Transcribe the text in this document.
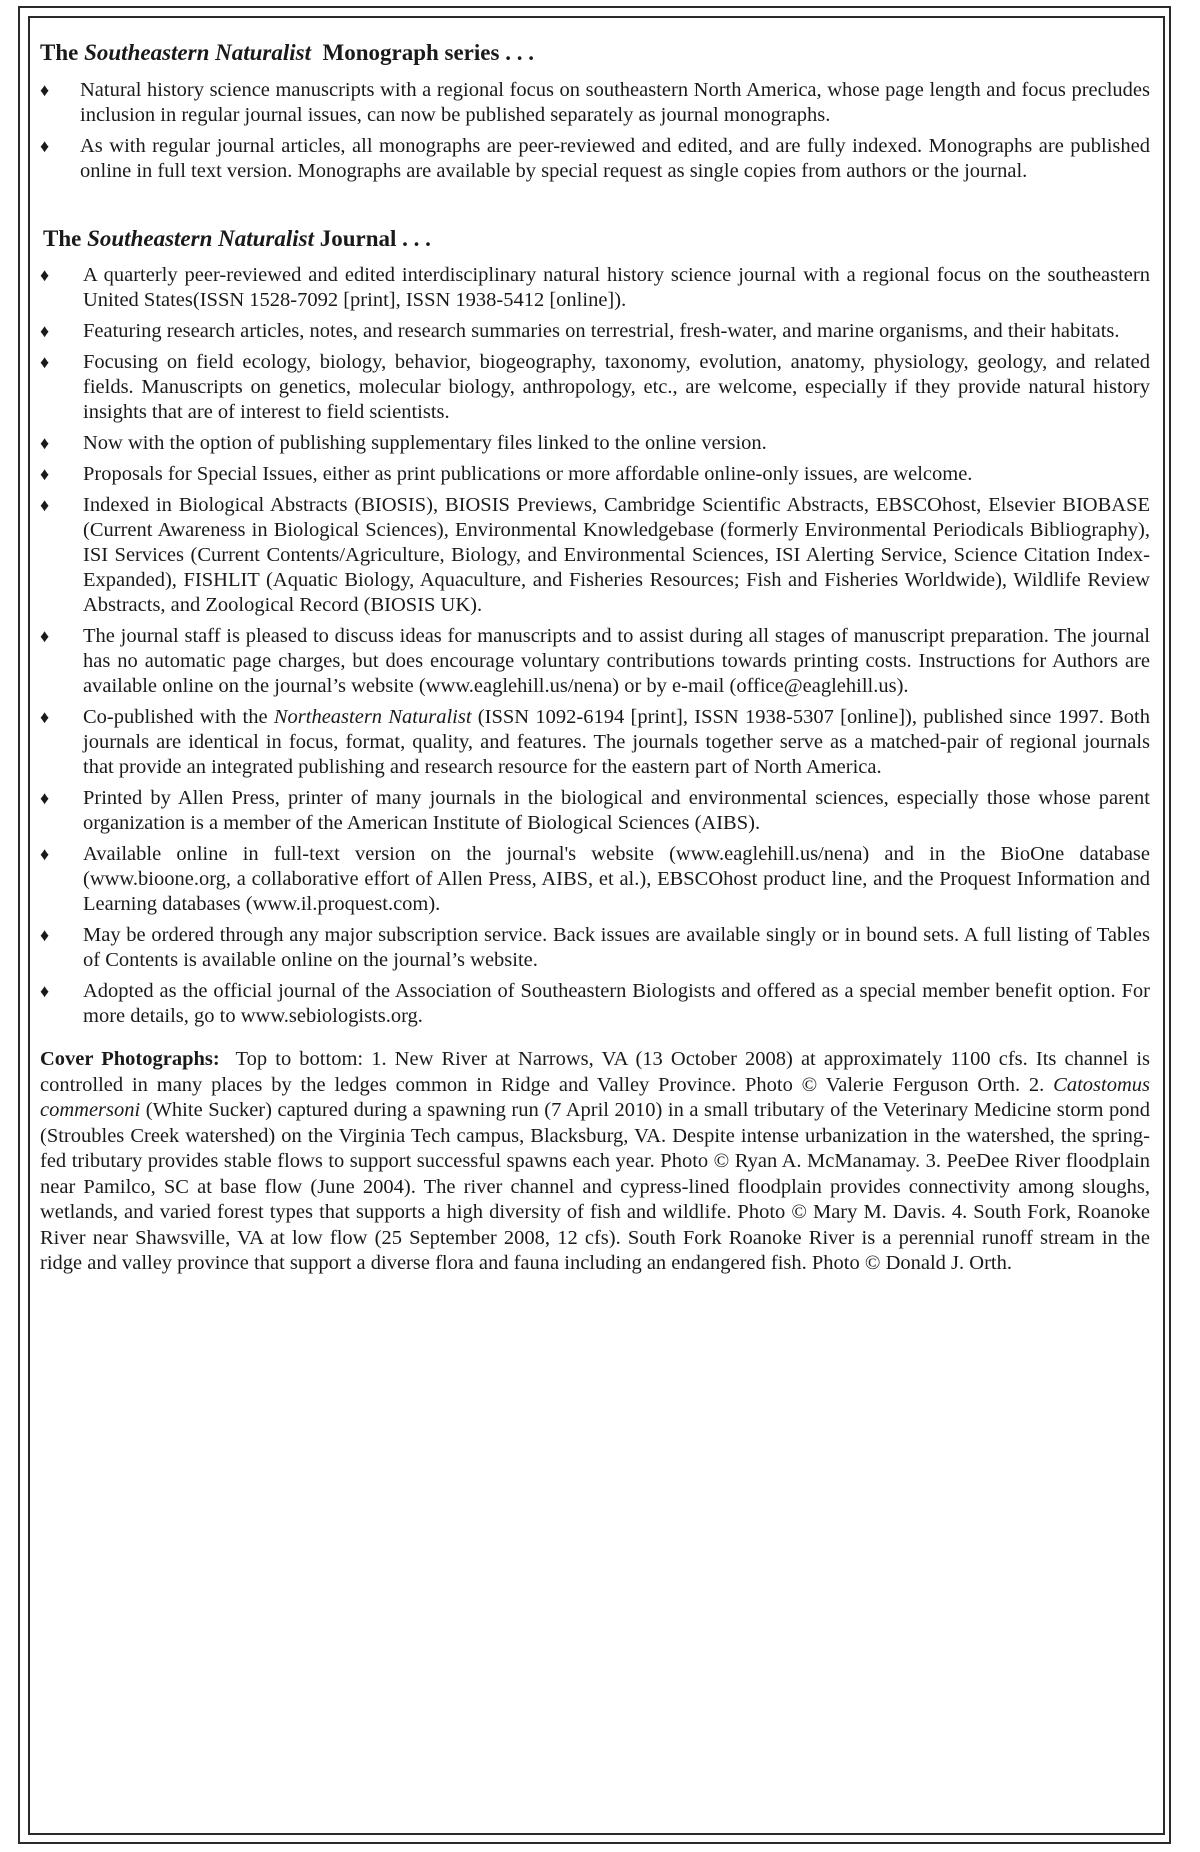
The Southeastern Naturalist  Monograph series . . .
♦ Natural history science manuscripts with a regional focus on southeastern North America, whose page length and focus precludes inclusion in regular journal issues, can now be published separately as journal monographs.
♦ As with regular journal articles, all monographs are peer-reviewed and edited, and are fully indexed. Monographs are published online in full text version. Monographs are available by special request as single copies from authors or the journal.
The Southeastern Naturalist Journal . . .
♦ A quarterly peer-reviewed and edited interdisciplinary natural history science journal with a regional focus on the southeastern United States(ISSN 1528-7092 [print], ISSN 1938-5412 [online]).
♦ Featuring research articles, notes, and research summaries on terrestrial, fresh-water, and marine organisms, and their habitats.
♦ Focusing on field ecology, biology, behavior, biogeography, taxonomy, evolution, anatomy, physiology, geology, and related fields. Manuscripts on genetics, molecular biology, anthropology, etc., are welcome, especially if they provide natural history insights that are of interest to field scientists.
♦ Now with the option of publishing supplementary files linked to the online version.
♦ Proposals for Special Issues, either as print publications or more affordable online-only issues, are welcome.
♦ Indexed in Biological Abstracts (BIOSIS), BIOSIS Previews, Cambridge Scientific Abstracts, EBSCOhost, Elsevier BIOBASE (Current Awareness in Biological Sciences), Environmental Knowledgebase (formerly Environmental Periodicals Bibliography), ISI Services (Current Contents/Agriculture, Biology, and Environmental Sciences, ISI Alerting Service, Science Citation Index-Expanded), FISHLIT (Aquatic Biology, Aquaculture, and Fisheries Resources; Fish and Fisheries Worldwide), Wildlife Review Abstracts, and Zoological Record (BIOSIS UK).
♦ The journal staff is pleased to discuss ideas for manuscripts and to assist during all stages of manuscript preparation. The journal has no automatic page charges, but does encourage voluntary contributions towards printing costs. Instructions for Authors are available online on the journal’s website (www.eaglehill.us/nena) or by e-mail (office@eaglehill.us).
♦ Co-published with the Northeastern Naturalist (ISSN 1092-6194 [print], ISSN 1938-5307 [online]), published since 1997. Both journals are identical in focus, format, quality, and features. The journals together serve as a matched-pair of regional journals that provide an integrated publishing and research resource for the eastern part of North America.
♦ Printed by Allen Press, printer of many journals in the biological and environmental sciences, especially those whose parent organization is a member of the American Institute of Biological Sciences (AIBS).
♦ Available online in full-text version on the journal's website (www.eaglehill.us/nena) and in the BioOne database (www.bioone.org, a collaborative effort of Allen Press, AIBS, et al.), EBSCOhost product line, and the Proquest Information and Learning databases (www.il.proquest.com).
♦ May be ordered through any major subscription service. Back issues are available singly or in bound sets. A full listing of Tables of Contents is available online on the journal’s website.
♦ Adopted as the official journal of the Association of Southeastern Biologists and offered as a special member benefit option. For more details, go to www.sebiologists.org.

Cover Photographs:  Top to bottom: 1. New River at Narrows, VA (13 October 2008) at approximately 1100 cfs. Its channel is controlled in many places by the ledges common in Ridge and Valley Province. Photo © Valerie Ferguson Orth. 2. Catostomus commersoni (White Sucker) captured during a spawning run (7 April 2010) in a small tributary of the Veterinary Medicine storm pond (Stroubles Creek watershed) on the Virginia Tech campus, Blacksburg, VA. Despite intense urbanization in the watershed, the spring-fed tributary provides stable flows to support successful spawns each year. Photo © Ryan A. McManamay. 3. PeeDee River floodplain near Pamilco, SC at base flow (June 2004). The river channel and cypress-lined floodplain provides connectivity among sloughs, wetlands, and varied forest types that supports a high diversity of fish and wildlife. Photo © Mary M. Davis. 4. South Fork, Roanoke River near Shawsville, VA at low flow (25 September 2008, 12 cfs). South Fork Roanoke River is a perennial runoff stream in the ridge and valley province that support a diverse flora and fauna including an endangered fish. Photo © Donald J. Orth.
